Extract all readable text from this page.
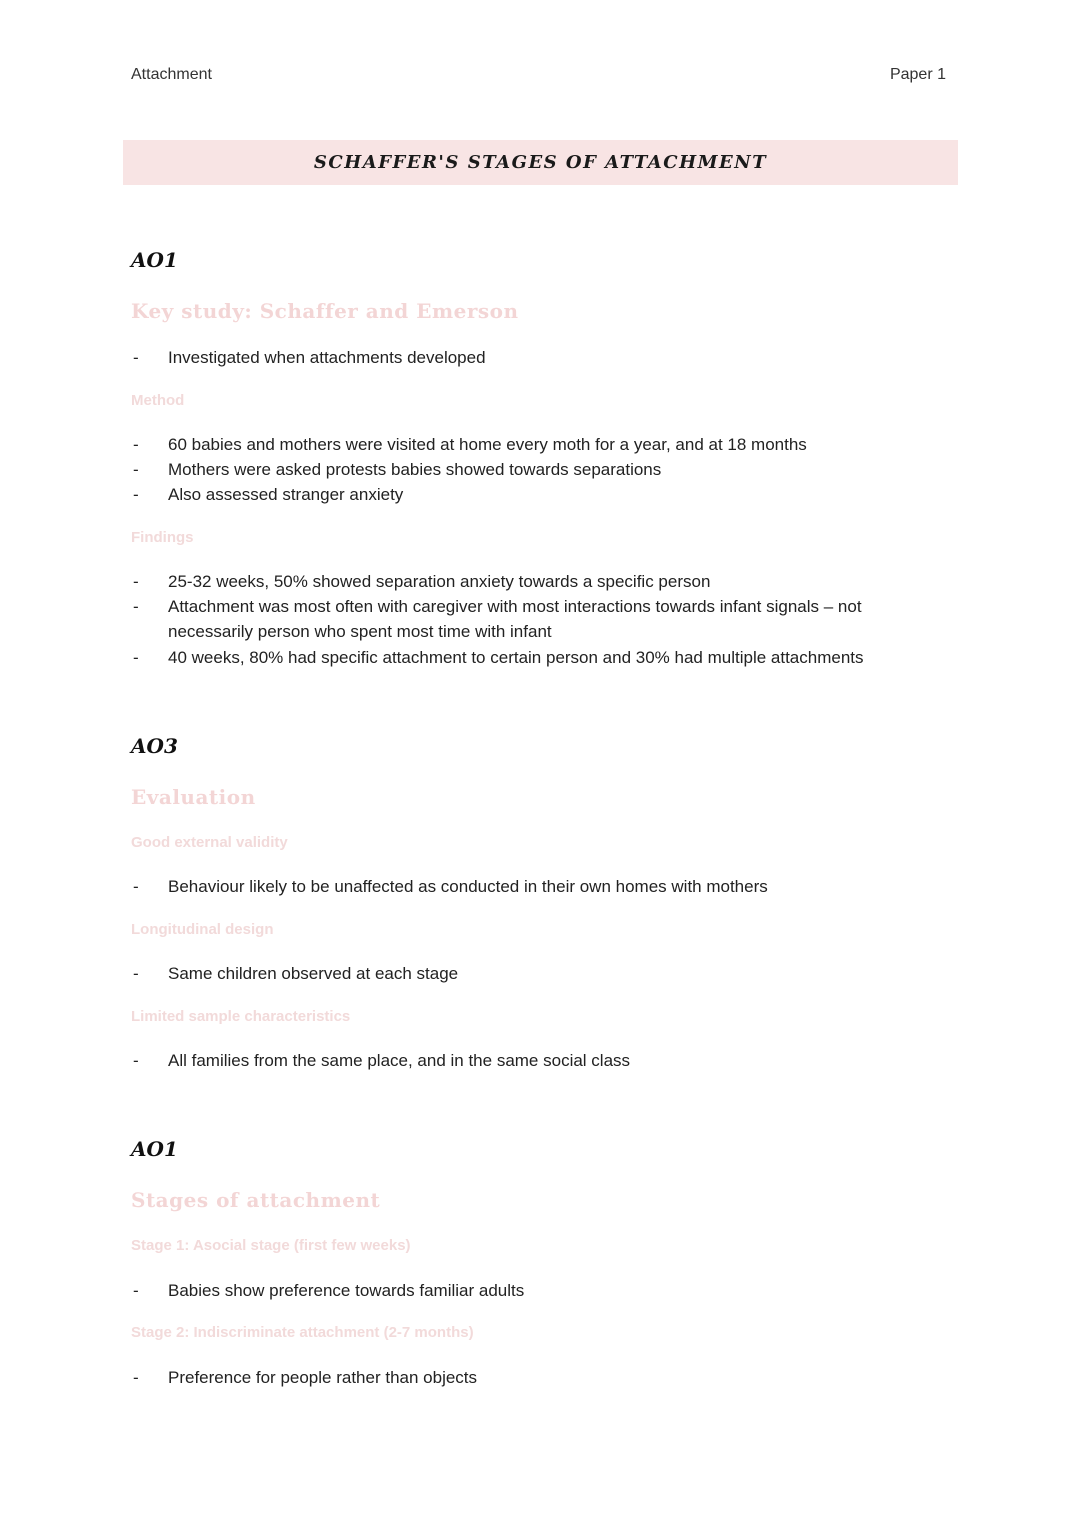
Attachment	Paper 1
SCHAFFER'S STAGES OF ATTACHMENT
AO1
Key study: Schaffer and Emerson
- Investigated when attachments developed
Method
- 60 babies and mothers were visited at home every moth for a year, and at 18 months
- Mothers were asked protests babies showed towards separations
- Also assessed stranger anxiety
Findings
- 25-32 weeks, 50% showed separation anxiety towards a specific person
- Attachment was most often with caregiver with most interactions towards infant signals – not necessarily person who spent most time with infant
- 40 weeks, 80% had specific attachment to certain person and 30% had multiple attachments
AO3
Evaluation
Good external validity
- Behaviour likely to be unaffected as conducted in their own homes with mothers
Longitudinal design
- Same children observed at each stage
Limited sample characteristics
- All families from the same place, and in the same social class
AO1
Stages of attachment
Stage 1: Asocial stage (first few weeks)
- Babies show preference towards familiar adults
Stage 2: Indiscriminate attachment (2-7 months)
- Preference for people rather than objects
